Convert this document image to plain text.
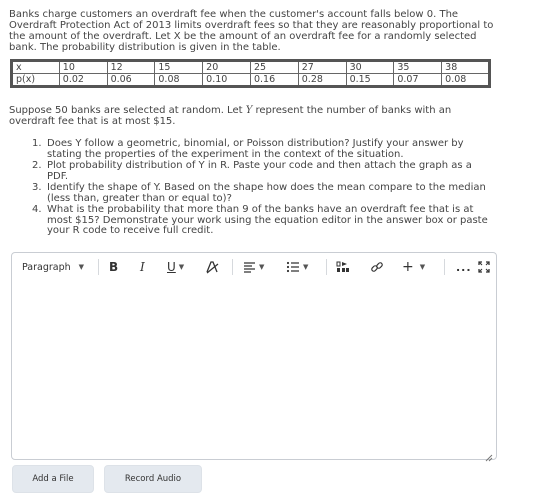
Banks charge customers an overdraft fee when the customer's account falls below 0. The Overdraft Protection Act of 2013 limits overdraft fees so that they are reasonably proportional to the amount of the overdraft. Let X be the amount of an overdraft fee for a randomly selected bank. The probability distribution is given in the table.
x	10	12	15	20	25	27	30	35	38
p(x)	0.02	0.06	0.08	0.10	0.16	0.28	0.15	0.07	0.08
Suppose 50 banks are selected at random. Let Y represent the number of banks with an overdraft fee that is at most $15.
1. Does Y follow a geometric, binomial, or Poisson distribution? Justify your answer by stating the properties of the experiment in the context of the situation.
2. Plot probability distribution of Y in R. Paste your code and then attach the graph as a PDF.
3. Identify the shape of Y. Based on the shape how does the mean compare to the median (less than, greater than or equal to)?
4. What is the probability that more than 9 of the banks have an overdraft fee that is at most $15? Demonstrate your work using the equation editor in the answer box or paste your R code to receive full credit.
Paragraph ▼ B I U ▼	▼	▼	+ ▼	...
Add a File	Record Audio
